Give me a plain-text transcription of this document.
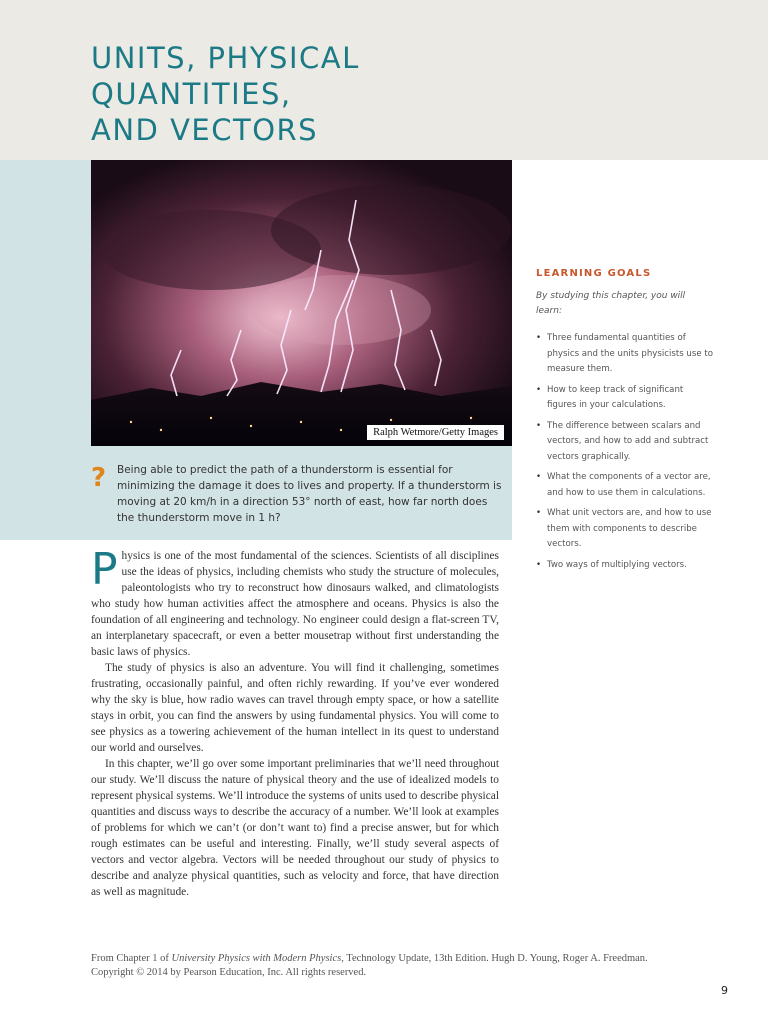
UNITS, PHYSICAL
QUANTITIES,
AND VECTORS
Ralph Wetmore/Getty Images
? Being able to predict the path of a thunderstorm is essential for minimizing the damage it does to lives and property. If a thunderstorm is moving at 20 km/h in a direction 53° north of east, how far north does the thunderstorm move in 1 h?

LEARNING GOALS

By studying this chapter, you will learn:

• Three fundamental quantities of physics and the units physicists use to measure them.
• How to keep track of significant figures in your calculations.
• The difference between scalars and vectors, and how to add and subtract vectors graphically.
• What the components of a vector are, and how to use them in calculations.
• What unit vectors are, and how to use them with components to describe vectors.
• Two ways of multiplying vectors.

Physics is one of the most fundamental of the sciences. Scientists of all disciplines use the ideas of physics, including chemists who study the structure of molecules, paleontologists who try to reconstruct how dinosaurs walked, and climatologists who study how human activities affect the atmosphere and oceans. Physics is also the foundation of all engineering and technology. No engineer could design a flat-screen TV, an interplanetary spacecraft, or even a better mousetrap without first understanding the basic laws of physics.

The study of physics is also an adventure. You will find it challenging, sometimes frustrating, occasionally painful, and often richly rewarding. If you’ve ever wondered why the sky is blue, how radio waves can travel through empty space, or how a satellite stays in orbit, you can find the answers by using fundamental physics. You will come to see physics as a towering achievement of the human intellect in its quest to understand our world and ourselves.

In this chapter, we’ll go over some important preliminaries that we’ll need throughout our study. We’ll discuss the nature of physical theory and the use of idealized models to represent physical systems. We’ll introduce the systems of units used to describe physical quantities and discuss ways to describe the accuracy of a number. We’ll look at examples of problems for which we can’t (or don’t want to) find a precise answer, but for which rough estimates can be useful and interesting. Finally, we’ll study several aspects of vectors and vector algebra. Vectors will be needed throughout our study of physics to describe and analyze physical quantities, such as velocity and force, that have direction as well as magnitude.

From Chapter 1 of University Physics with Modern Physics, Technology Update, 13th Edition. Hugh D. Young, Roger A. Freedman.
Copyright © 2014 by Pearson Education, Inc. All rights reserved.

9
